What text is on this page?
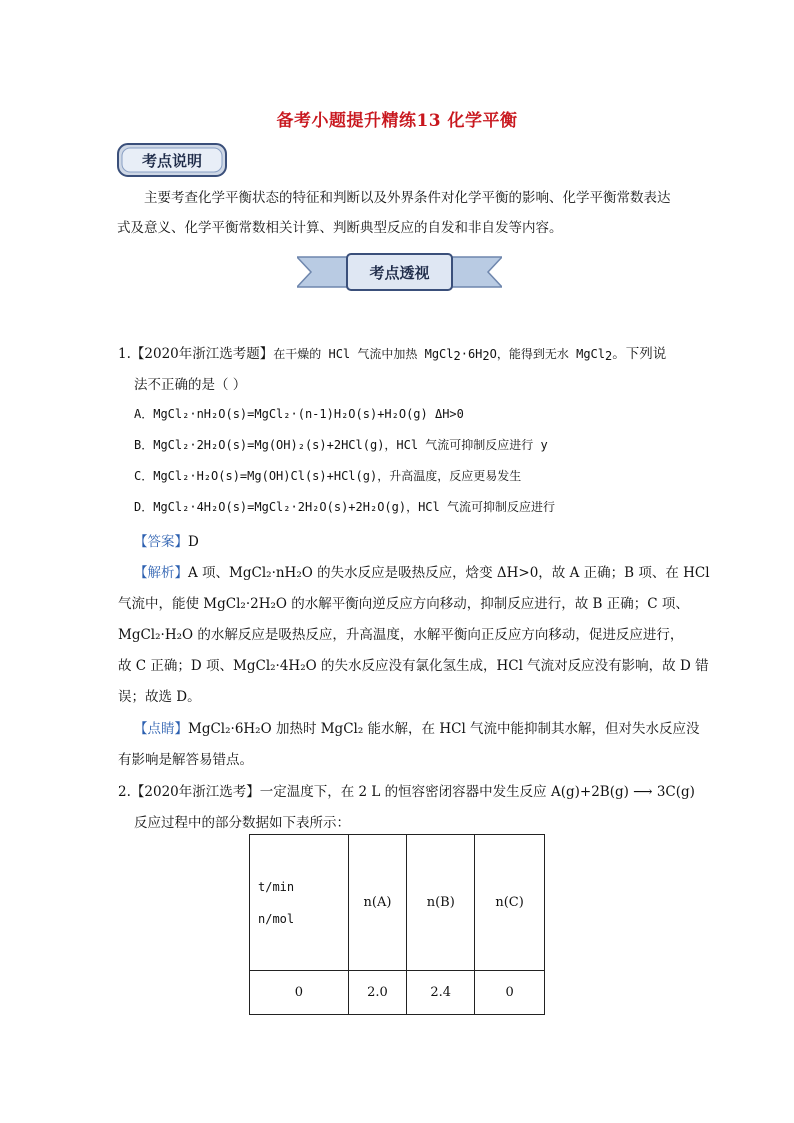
备考小题提升精练13 化学平衡
考点说明
主要考查化学平衡状态的特征和判断以及外界条件对化学平衡的影响、化学平衡常数表达
式及意义、化学平衡常数相关计算、判断典型反应的自发和非自发等内容。
考点透视
1.【2020年浙江选考题】在干燥的 HCl 气流中加热 $MgCl_2\cdot 6H_2O$，能得到无水 MgCl$_2$。下列说
法不正确的是（ ）
A．MgCl₂·nH₂O(s)=MgCl₂·(n-1)H₂O(s)+H₂O(g) ΔH>0
B．MgCl₂·2H₂O(s)=Mg(OH)₂(s)+2HCl(g)，HCl 气流可抑制反应进行 y
C．MgCl₂·H₂O(s)=Mg(OH)Cl(s)+HCl(g)，升高温度，反应更易发生
D．MgCl₂·4H₂O(s)=MgCl₂·2H₂O(s)+2H₂O(g)，HCl 气流可抑制反应进行
【答案】D
【解析】A 项、MgCl₂·nH₂O 的失水反应是吸热反应，焓变 ΔH>0，故 A 正确；B 项、在 HCl
气流中，能使 MgCl₂·2H₂O 的水解平衡向逆反应方向移动，抑制反应进行，故 B 正确；C 项、
MgCl₂·H₂O 的水解反应是吸热反应，升高温度，水解平衡向正反应方向移动，促进反应进行，
故 C 正确；D 项、MgCl₂·4H₂O 的失水反应没有氯化氢生成，HCl 气流对反应没有影响，故 D 错
误；故选 D。
【点睛】MgCl₂·6H₂O 加热时 MgCl₂ 能水解，在 HCl 气流中能抑制其水解，但对失水反应没
有影响是解答易错点。
2.【2020年浙江选考】一定温度下，在 2 L 的恒容密闭容器中发生反应 A(g)+2B(g) ⟶ 3C(g)
反应过程中的部分数据如下表所示：
t/min
n/mol	n(A)	n(B)	n(C)
0	2.0	2.4	0
